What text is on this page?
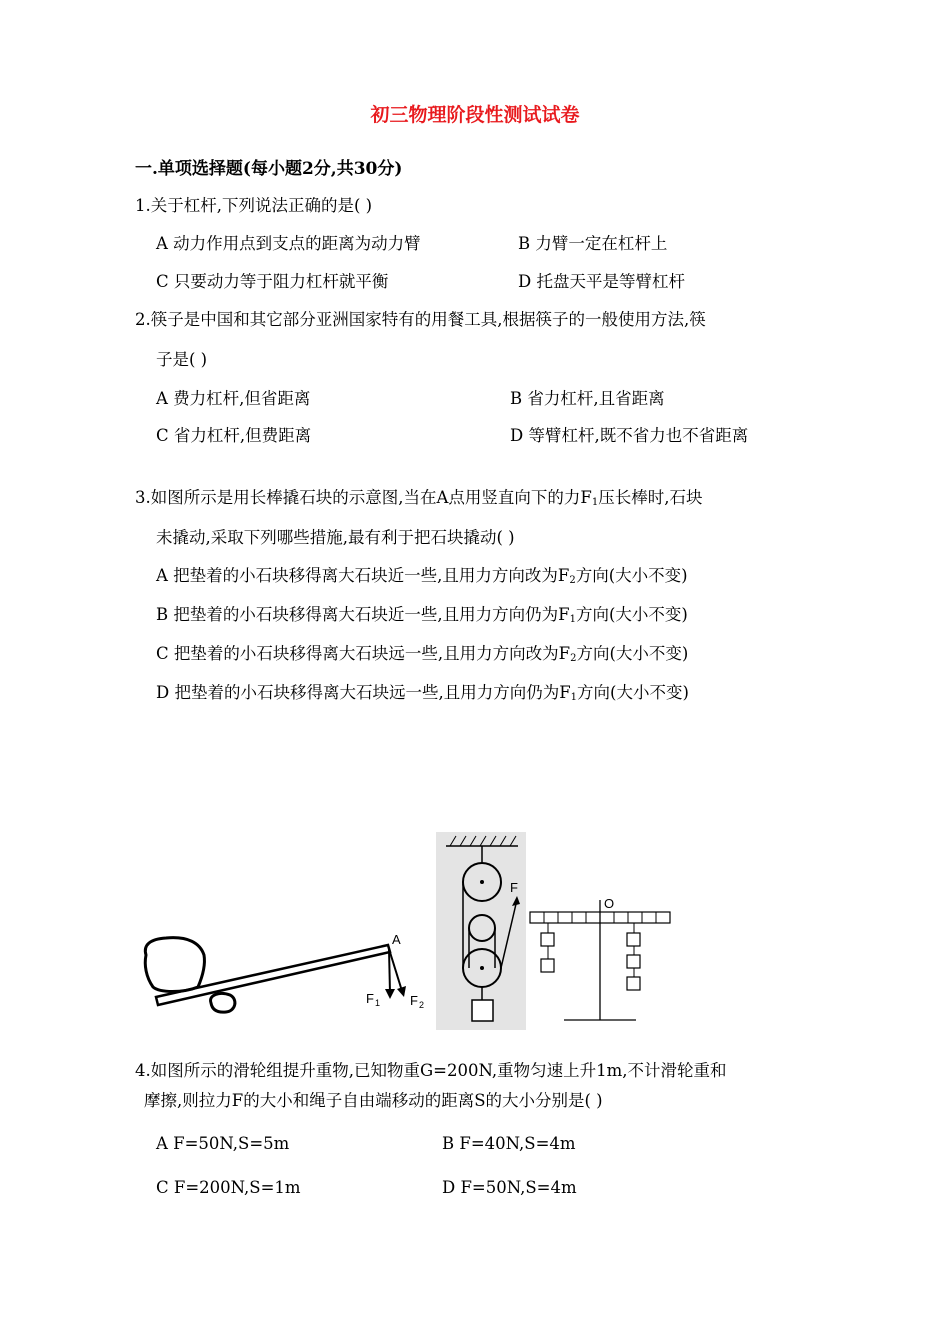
初三物理阶段性测试试卷
一.单项选择题(每小题2分,共30分)
1.关于杠杆,下列说法正确的是( )
A 动力作用点到支点的距离为动力臂	B 力臂一定在杠杆上
C 只要动力等于阻力杠杆就平衡	D 托盘天平是等臂杠杆
2.筷子是中国和其它部分亚洲国家特有的用餐工具,根据筷子的一般使用方法,筷
子是( )
A 费力杠杆,但省距离	B 省力杠杆,且省距离
C 省力杠杆,但费距离	D 等臂杠杆,既不省力也不省距离
3.如图所示是用长棒撬石块的示意图,当在A点用竖直向下的力$F_1$压长棒时,石块
未撬动,采取下列哪些措施,最有利于把石块撬动( )
A 把垫着的小石块移得离大石块近一些,且用力方向改为$F_2$方向(大小不变)
B 把垫着的小石块移得离大石块近一些,且用力方向仍为$F_1$方向(大小不变)
C 把垫着的小石块移得离大石块远一些,且用力方向改为$F_2$方向(大小不变)
D 把垫着的小石块移得离大石块远一些,且用力方向仍为$F_1$方向(大小不变)
A
F 1 F 2
F
O
4.如图所示的滑轮组提升重物,已知物重G=200N,重物匀速上升1m,不计滑轮重和
摩擦,则拉力F的大小和绳子自由端移动的距离S的大小分别是( )
A F=50N,S=5m	B F=40N,S=4m
C F=200N,S=1m	D F=50N,S=4m
